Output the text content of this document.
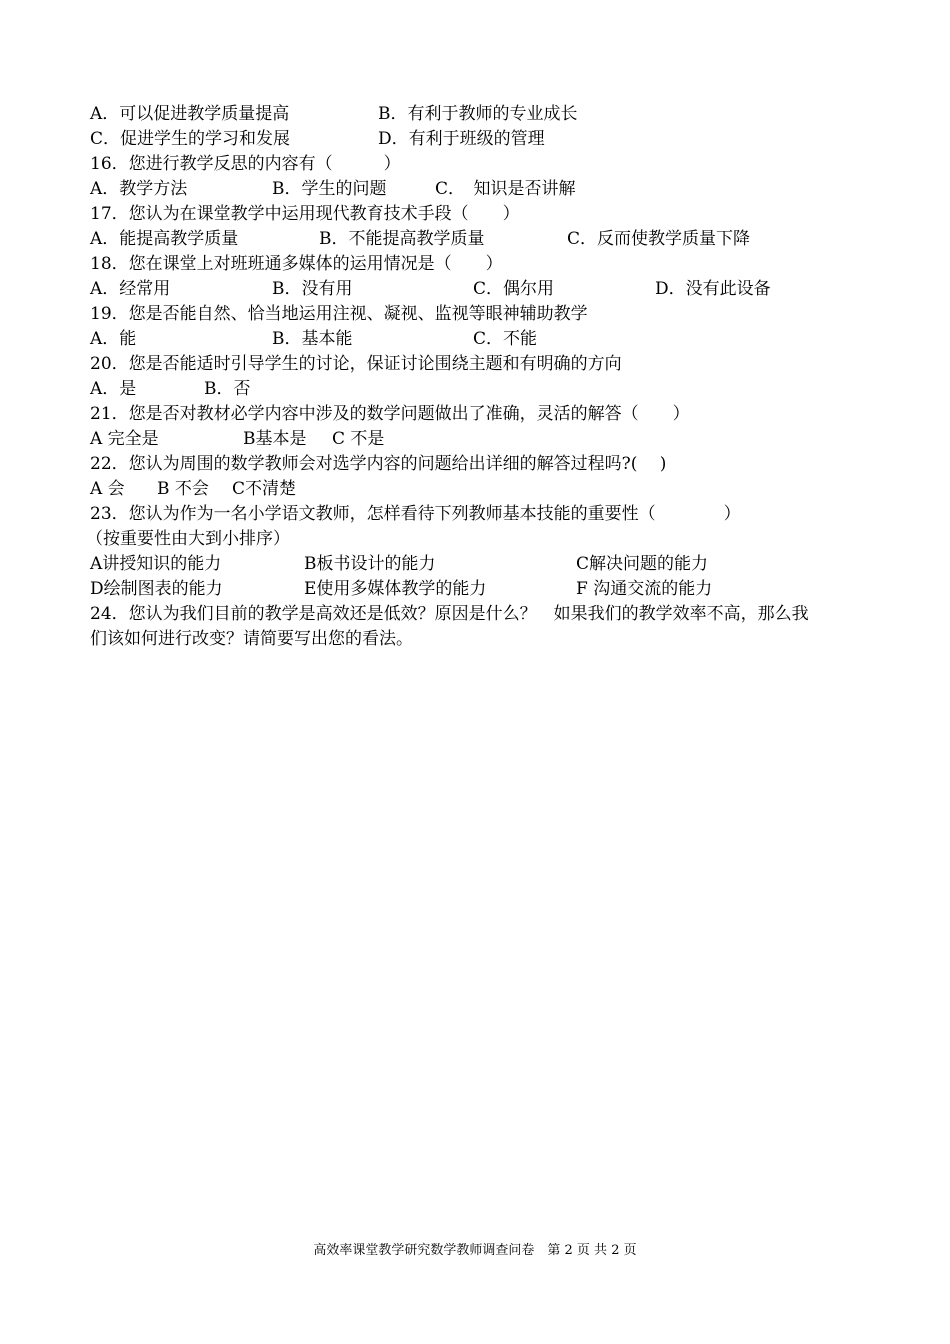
A．可以促进教学质量提高

	B．有利于教师的专业成长

C．促进学生的学习和发展

	D．有利于班级的管理

16．您进行教学反思的内容有（　　　）

A．教学方法

	B．学生的问题

	C．　知识是否讲解

17．您认为在课堂教学中运用现代教育技术手段（　　）

A．能提高教学质量

	B．不能提高教学质量

	C．反而使教学质量下降

18．您在课堂上对班班通多媒体的运用情况是（　　）

A．经常用

	B．没有用

	C．偶尔用

	D．没有此设备

19．您是否能自然、恰当地运用注视、凝视、监视等眼神辅助教学

A．能

	B．基本能

	C．不能

20．您是否能适时引导学生的讨论，保证讨论围绕主题和有明确的方向

A．是

	B．否

21．您是否对教材必学内容中涉及的数学问题做出了准确，灵活的解答（　　）

A 完全是

	B基本是

C 不是

22．您认为周围的数学教师会对选学内容的问题给出详细的解答过程吗?(　 )

A 会

B 不会

C不清楚

23．您认为作为一名小学语文教师，怎样看待下列教师基本技能的重要性（　　　　）
（按重要性由大到小排序）

A讲授知识的能力

	B板书设计的能力

	C解决问题的能力

D绘制图表的能力

	E使用多媒体教学的能力

	F 沟通交流的能力

24．您认为我们目前的教学是高效还是低效？原因是什么？　如果我们的教学效率不高，那么我
们该如何进行改变？请简要写出您的看法。
高效率课堂教学研究数学教师调查问卷　第 2 页 共 2 页
